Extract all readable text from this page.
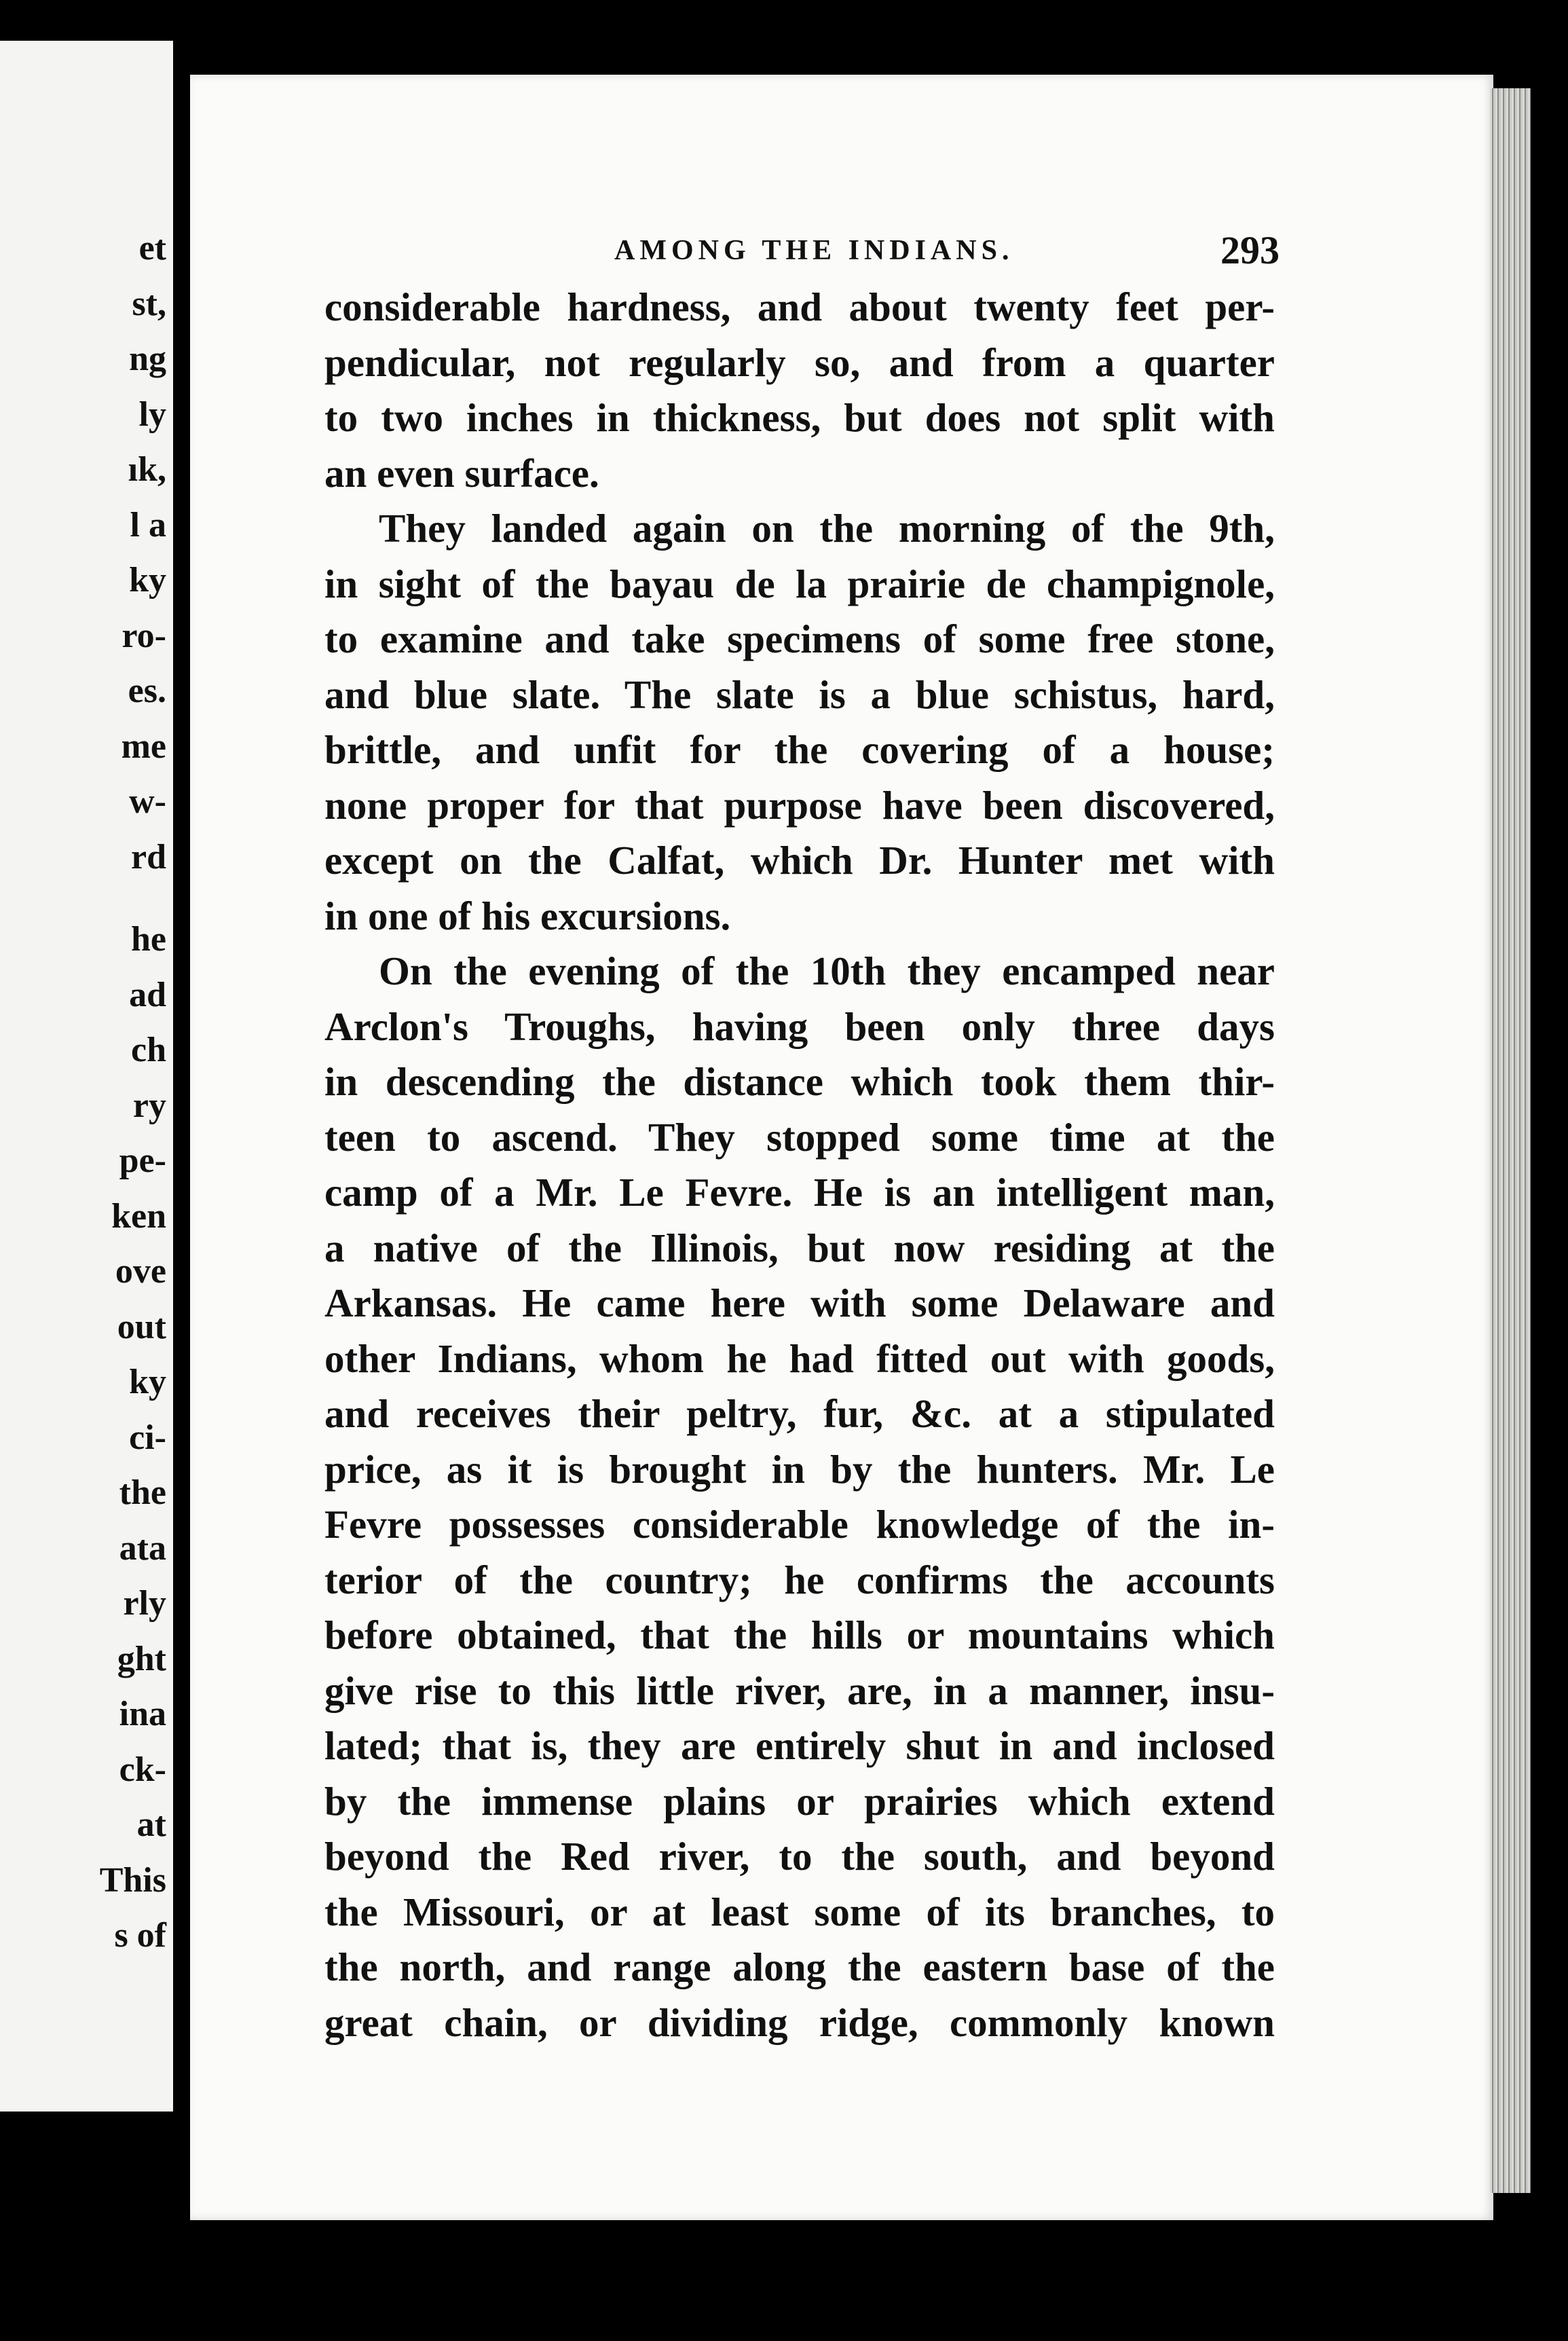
et
st,
ng
ly
ık,
l a
ky
ro-
es.
me
w-
rd
he
ad
ch
ry
pe-
ken
ove
out
ky
ci-
the
ata
rly
ght
ina
ck-
at
This
s of
AMONG THE INDIANS.	293
considerable hardness, and about twenty feet per-
pendicular, not regularly so, and from a quarter
to two inches in thickness, but does not split with
an even surface.
They landed again on the morning of the 9th,
in sight of the bayau de la prairie de champignole,
to examine and take specimens of some free stone,
and blue slate. The slate is a blue schistus, hard,
brittle, and unfit for the covering of a house;
none proper for that purpose have been discovered,
except on the Calfat, which Dr. Hunter met with
in one of his excursions.
On the evening of the 10th they encamped near
Arclon's Troughs, having been only three days
in descending the distance which took them thir-
teen to ascend. They stopped some time at the
camp of a Mr. Le Fevre. He is an intelligent man,
a native of the Illinois, but now residing at the
Arkansas. He came here with some Delaware and
other Indians, whom he had fitted out with goods,
and receives their peltry, fur, &c. at a stipulated
price, as it is brought in by the hunters. Mr. Le
Fevre possesses considerable knowledge of the in-
terior of the country; he confirms the accounts
before obtained, that the hills or mountains which
give rise to this little river, are, in a manner, insu-
lated; that is, they are entirely shut in and inclosed
by the immense plains or prairies which extend
beyond the Red river, to the south, and beyond
the Missouri, or at least some of its branches, to
the north, and range along the eastern base of the
great chain, or dividing ridge, commonly known
